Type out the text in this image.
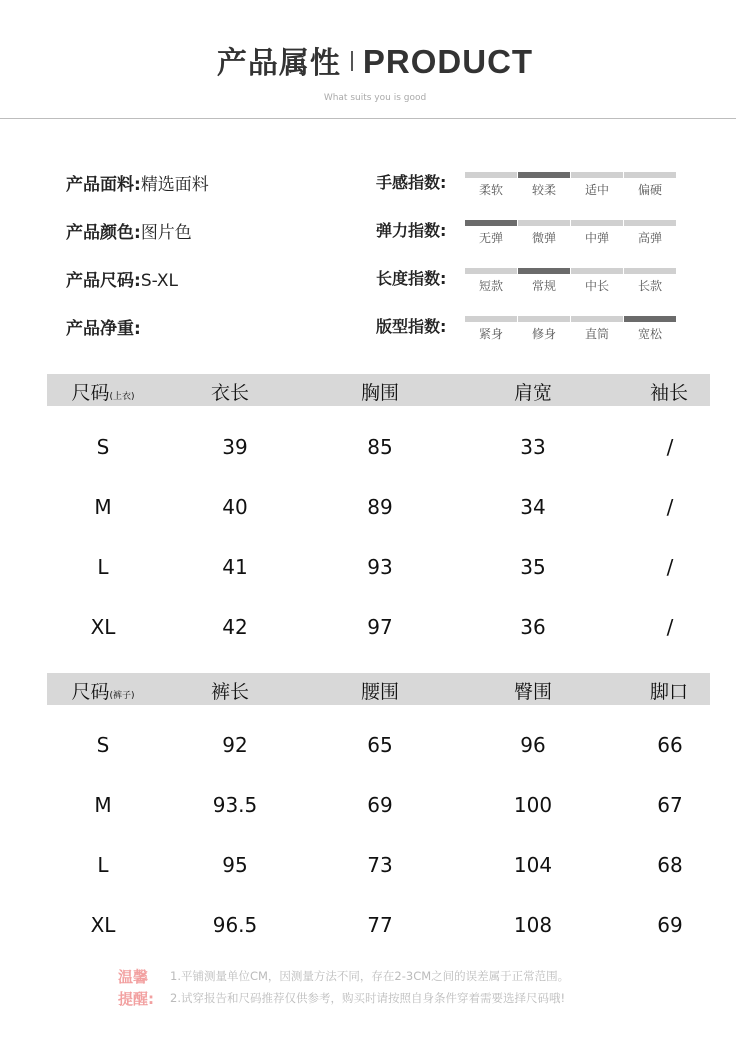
产品属性 PRODUCT
What suits you is good
产品面料:精选面料
产品颜色:图片色
产品尺码:S-XL
产品净重:
手感指数:	柔软	较柔	适中	偏硬
弹力指数:	无弹	微弹	中弹	高弹
长度指数:	短款	常规	中长	长款
版型指数:	紧身	修身	直筒	宽松
尺码(上衣)	衣长	胸围	肩宽	袖长
S	39	85	33	/
M	40	89	34	/
L	41	93	35	/
XL	42	97	36	/
尺码(裤子)	裤长	腰围	臀围	脚口
S	92	65	96	66
M	93.5	69	100	67
L	95	73	104	68
XL	96.5	77	108	69
温馨 1.平铺测量单位CM，因测量方法不同，存在2-3CM之间的误差属于正常范围。
提醒: 2.试穿报告和尺码推荐仅供参考，购买时请按照自身条件穿着需要选择尺码哦!
